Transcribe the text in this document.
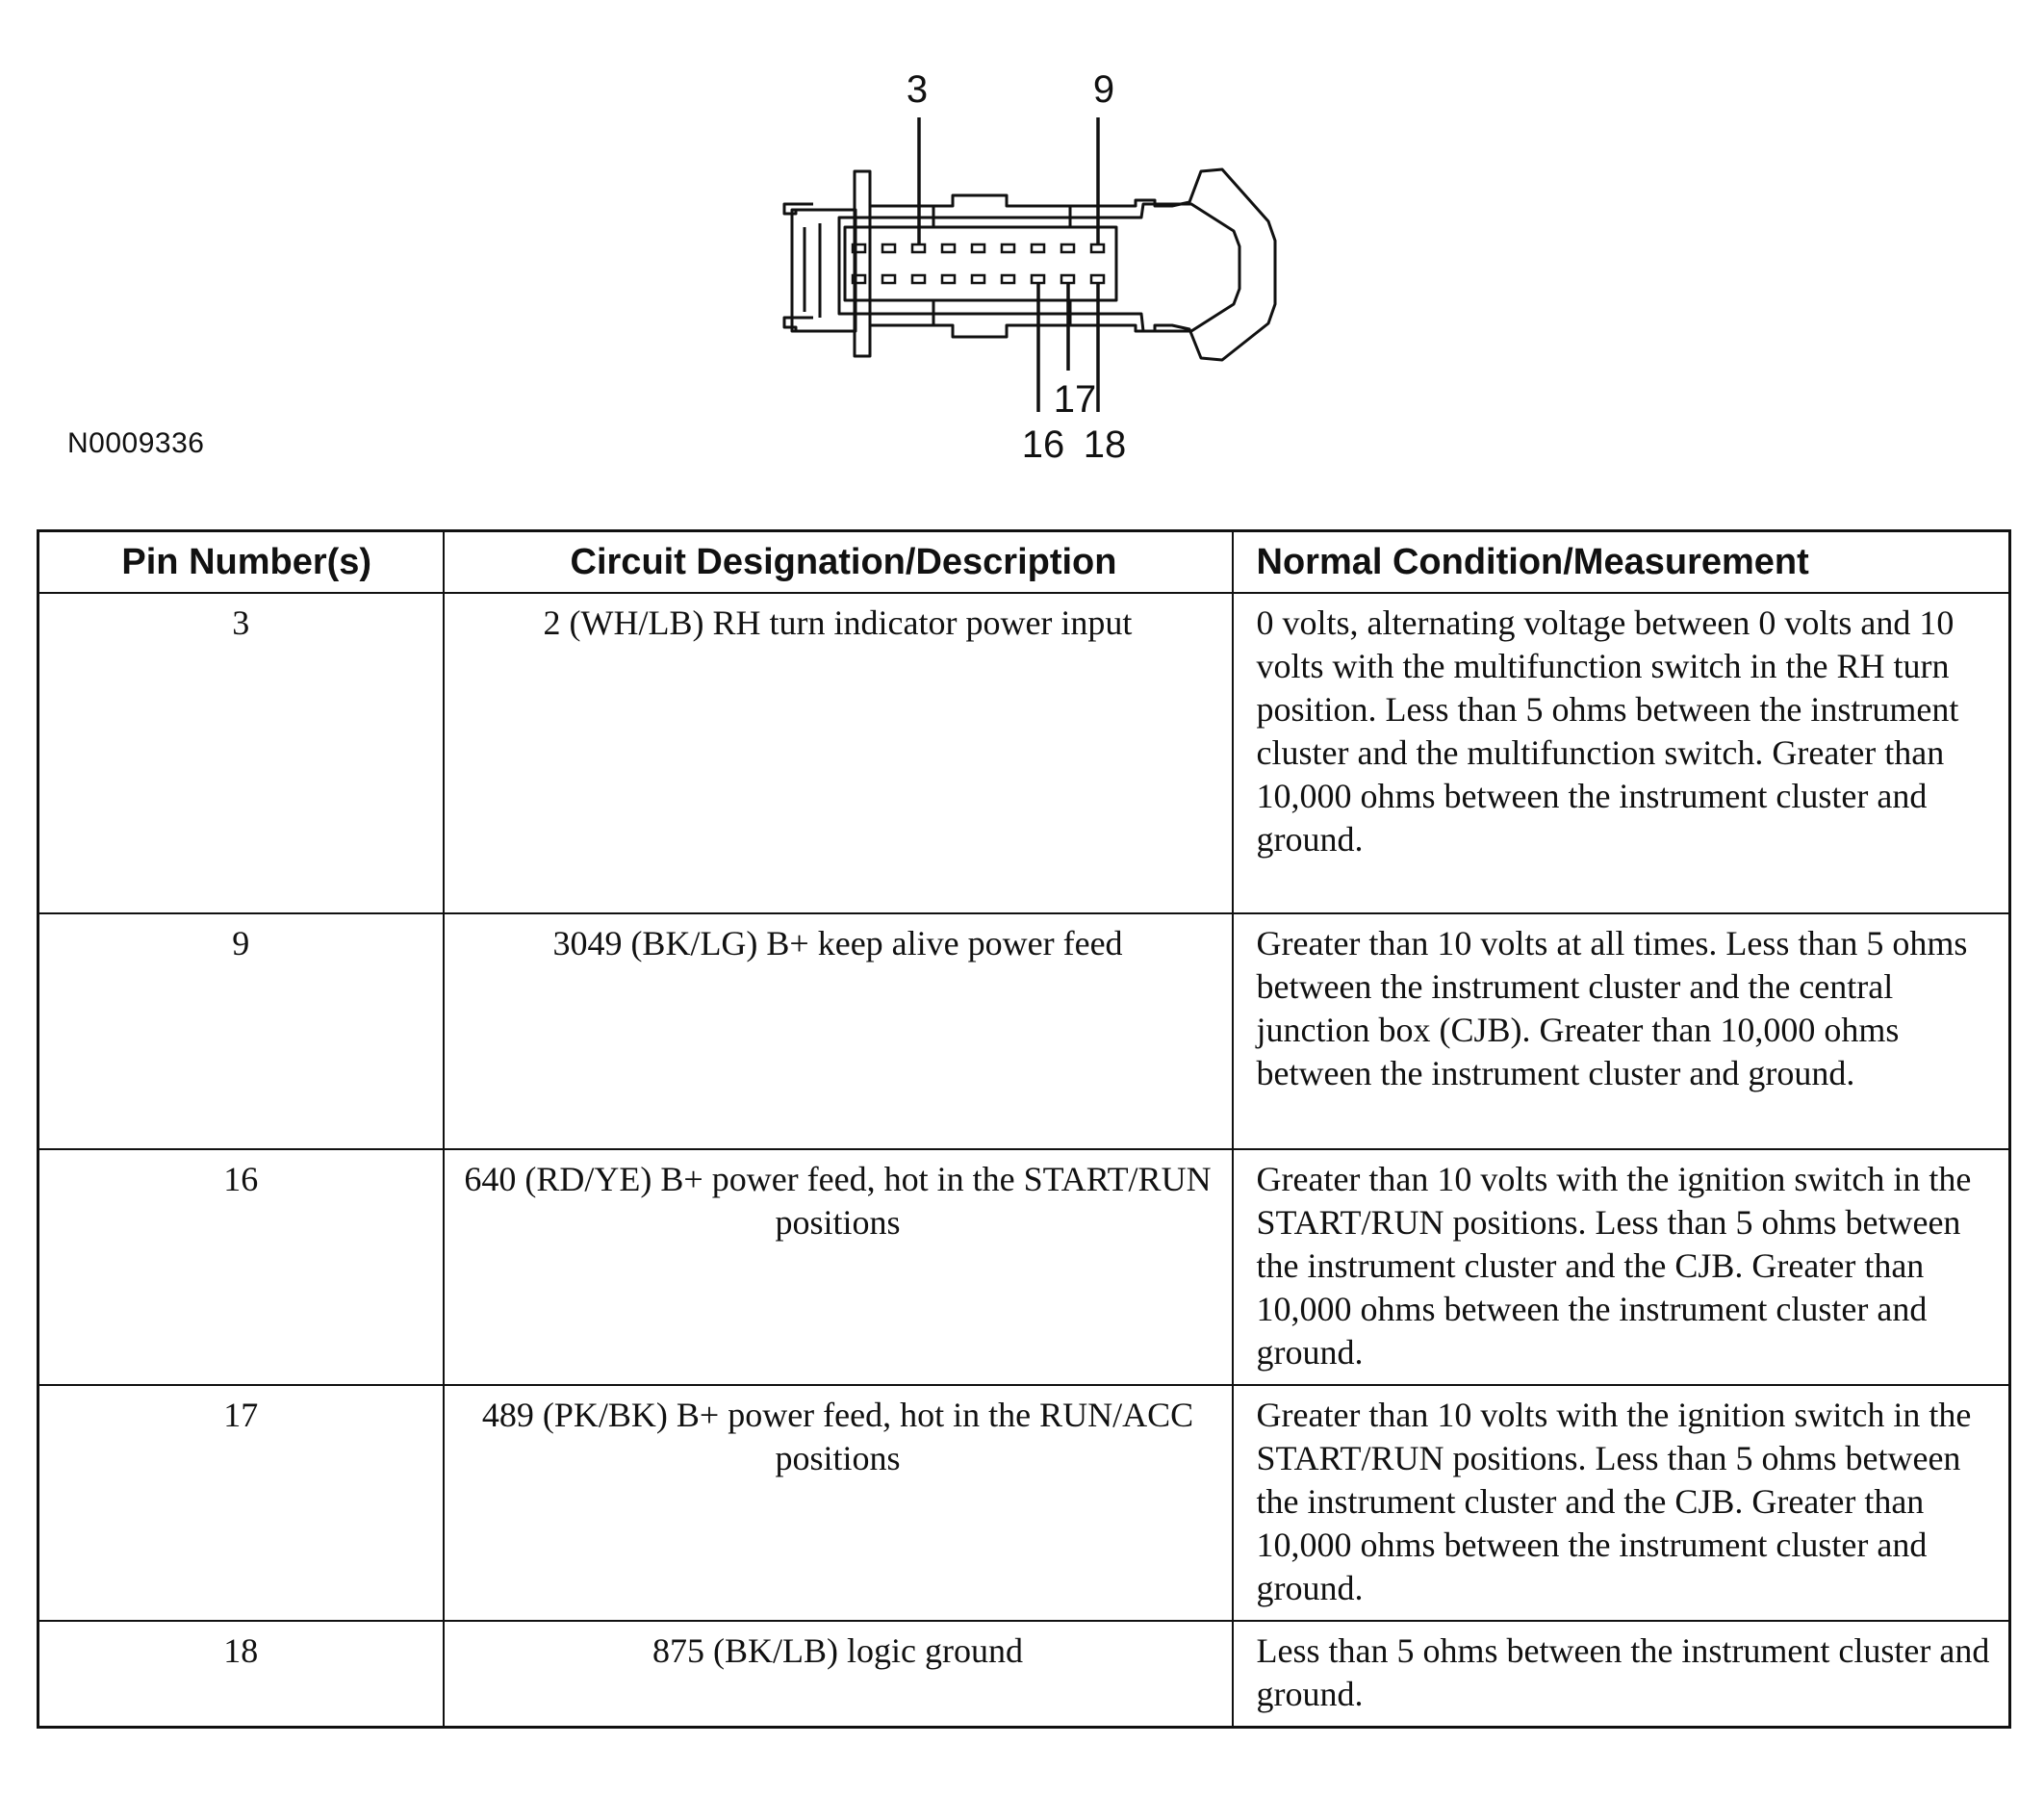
3	9
17
16 18
N0009336
Pin Number(s)	Circuit Designation/Description	Normal Condition/Measurement
3	2 (WH/LB) RH turn indicator power input	0 volts, alternating voltage between 0 volts and 10 volts with the multifunction switch in the RH turn position. Less than 5 ohms between the instrument cluster and the multifunction switch. Greater than 10,000 ohms between the instrument cluster and ground.
9	3049 (BK/LG) B+ keep alive power feed	Greater than 10 volts at all times. Less than 5 ohms between the instrument cluster and the central junction box (CJB). Greater than 10,000 ohms between the instrument cluster and ground.
16	640 (RD/YE) B+ power feed, hot in the START/RUN positions	Greater than 10 volts with the ignition switch in the START/RUN positions. Less than 5 ohms between the instrument cluster and the CJB. Greater than 10,000 ohms between the instrument cluster and ground.
17	489 (PK/BK) B+ power feed, hot in the RUN/ACC positions	Greater than 10 volts with the ignition switch in the START/RUN positions. Less than 5 ohms between the instrument cluster and the CJB. Greater than 10,000 ohms between the instrument cluster and ground.
18	875 (BK/LB) logic ground	Less than 5 ohms between the instrument cluster and ground.
